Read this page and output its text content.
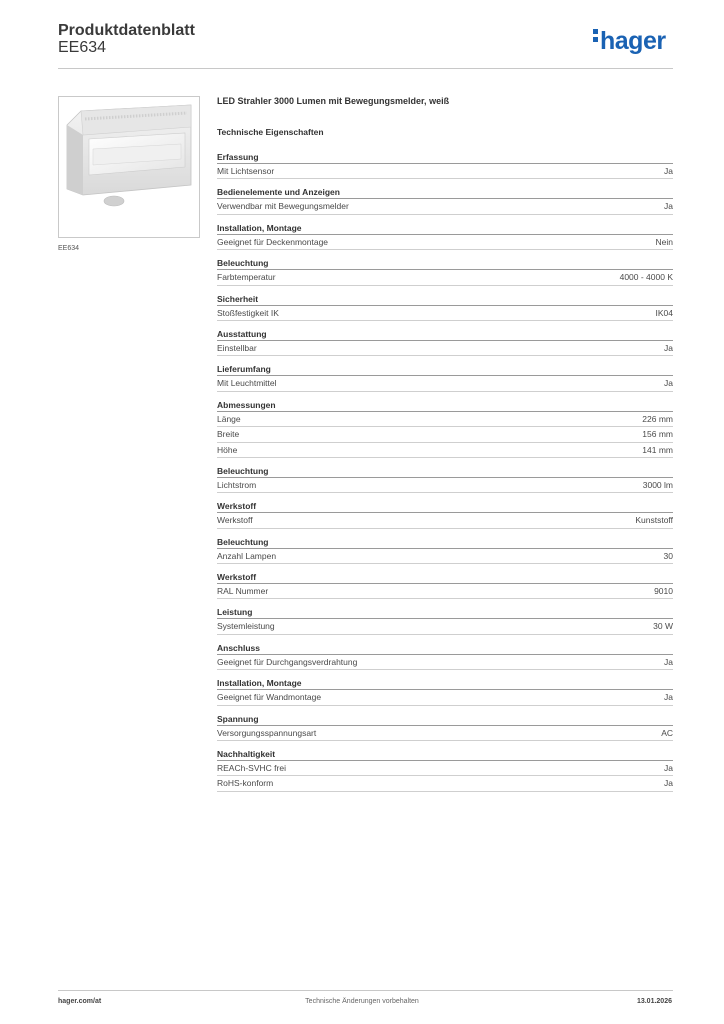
Produktdatenblatt
EE634	hager
EE634
LED Strahler 3000 Lumen mit Bewegungsmelder, weiß
Technische Eigenschaften
Erfassung
Mit Lichtsensor	Ja
Bedienelemente und Anzeigen
Verwendbar mit Bewegungsmelder	Ja
Installation, Montage
Geeignet für Deckenmontage	Nein
Beleuchtung
Farbtemperatur	4000 - 4000 K
Sicherheit
Stoßfestigkeit IK	IK04
Ausstattung
Einstellbar	Ja
Lieferumfang
Mit Leuchtmittel	Ja
Abmessungen
Länge	226 mm
Breite	156 mm
Höhe	141 mm
Beleuchtung
Lichtstrom	3000 lm
Werkstoff
Werkstoff	Kunststoff
Beleuchtung
Anzahl Lampen	30
Werkstoff
RAL Nummer	9010
Leistung
Systemleistung	30 W
Anschluss
Geeignet für Durchgangsverdrahtung	Ja
Installation, Montage
Geeignet für Wandmontage	Ja
Spannung
Versorgungsspannungsart	AC
Nachhaltigkeit
REACh-SVHC frei	Ja
RoHS-konform	Ja
hager.com/at	Technische Änderungen vorbehalten	13.01.2026
